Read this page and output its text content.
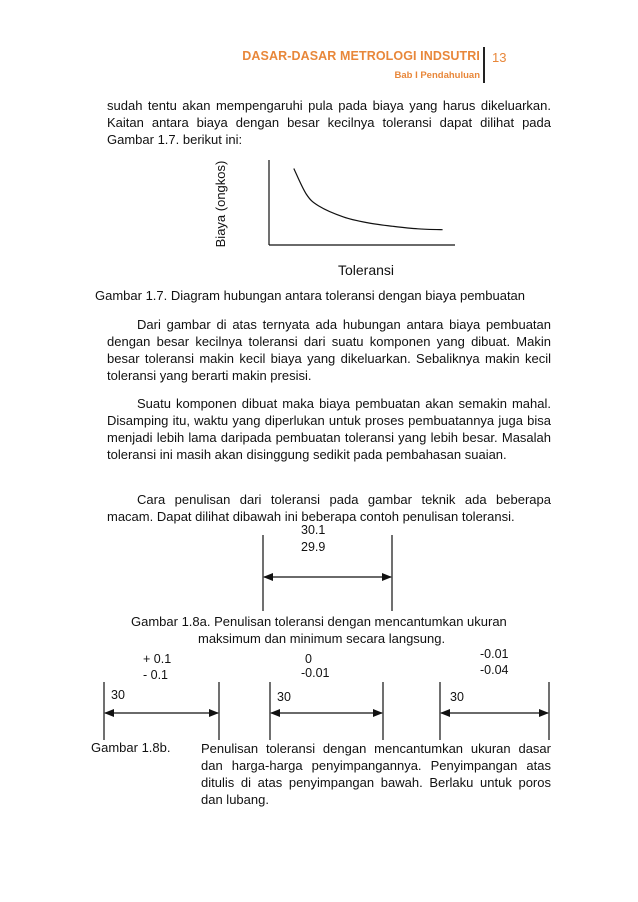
DASAR-DASAR METROLOGI INDSUTRI
Bab I Pendahuluan
13
sudah tentu akan mempengaruhi pula pada biaya yang harus dikeluarkan. Kaitan antara biaya dengan besar kecilnya toleransi dapat dilihat pada Gambar 1.7. berikut ini:
Biaya (ongkos)
Toleransi
Gambar 1.7. Diagram hubungan antara toleransi dengan biaya pembuatan
Dari gambar di atas ternyata ada hubungan antara biaya pembuatan dengan besar kecilnya toleransi dari suatu komponen yang dibuat. Makin besar toleransi makin kecil biaya yang dikeluarkan. Sebaliknya makin kecil toleransi yang berarti makin presisi.
Suatu komponen dibuat maka biaya pembuatan akan semakin mahal. Disamping itu, waktu yang diperlukan untuk proses pembuatannya juga bisa menjadi lebih lama daripada pembuatan toleransi yang lebih besar. Masalah toleransi ini masih akan disinggung sedikit pada pembahasan suaian.
Cara penulisan dari toleransi pada gambar teknik ada beberapa macam. Dapat dilihat dibawah ini beberapa contoh penulisan toleransi.
30.1
29.9
Gambar 1.8a. Penulisan toleransi dengan mencantumkan ukuran
maksimum dan minimum secara langsung.
+ 0.1
- 0.1
0
-0.01
-0.01
-0.04
30	30	30
Gambar 1.8b. Penulisan toleransi dengan mencantumkan ukuran dasar dan harga-harga penyimpangannya. Penyimpangan atas ditulis di atas penyimpangan bawah. Berlaku untuk poros dan lubang.
